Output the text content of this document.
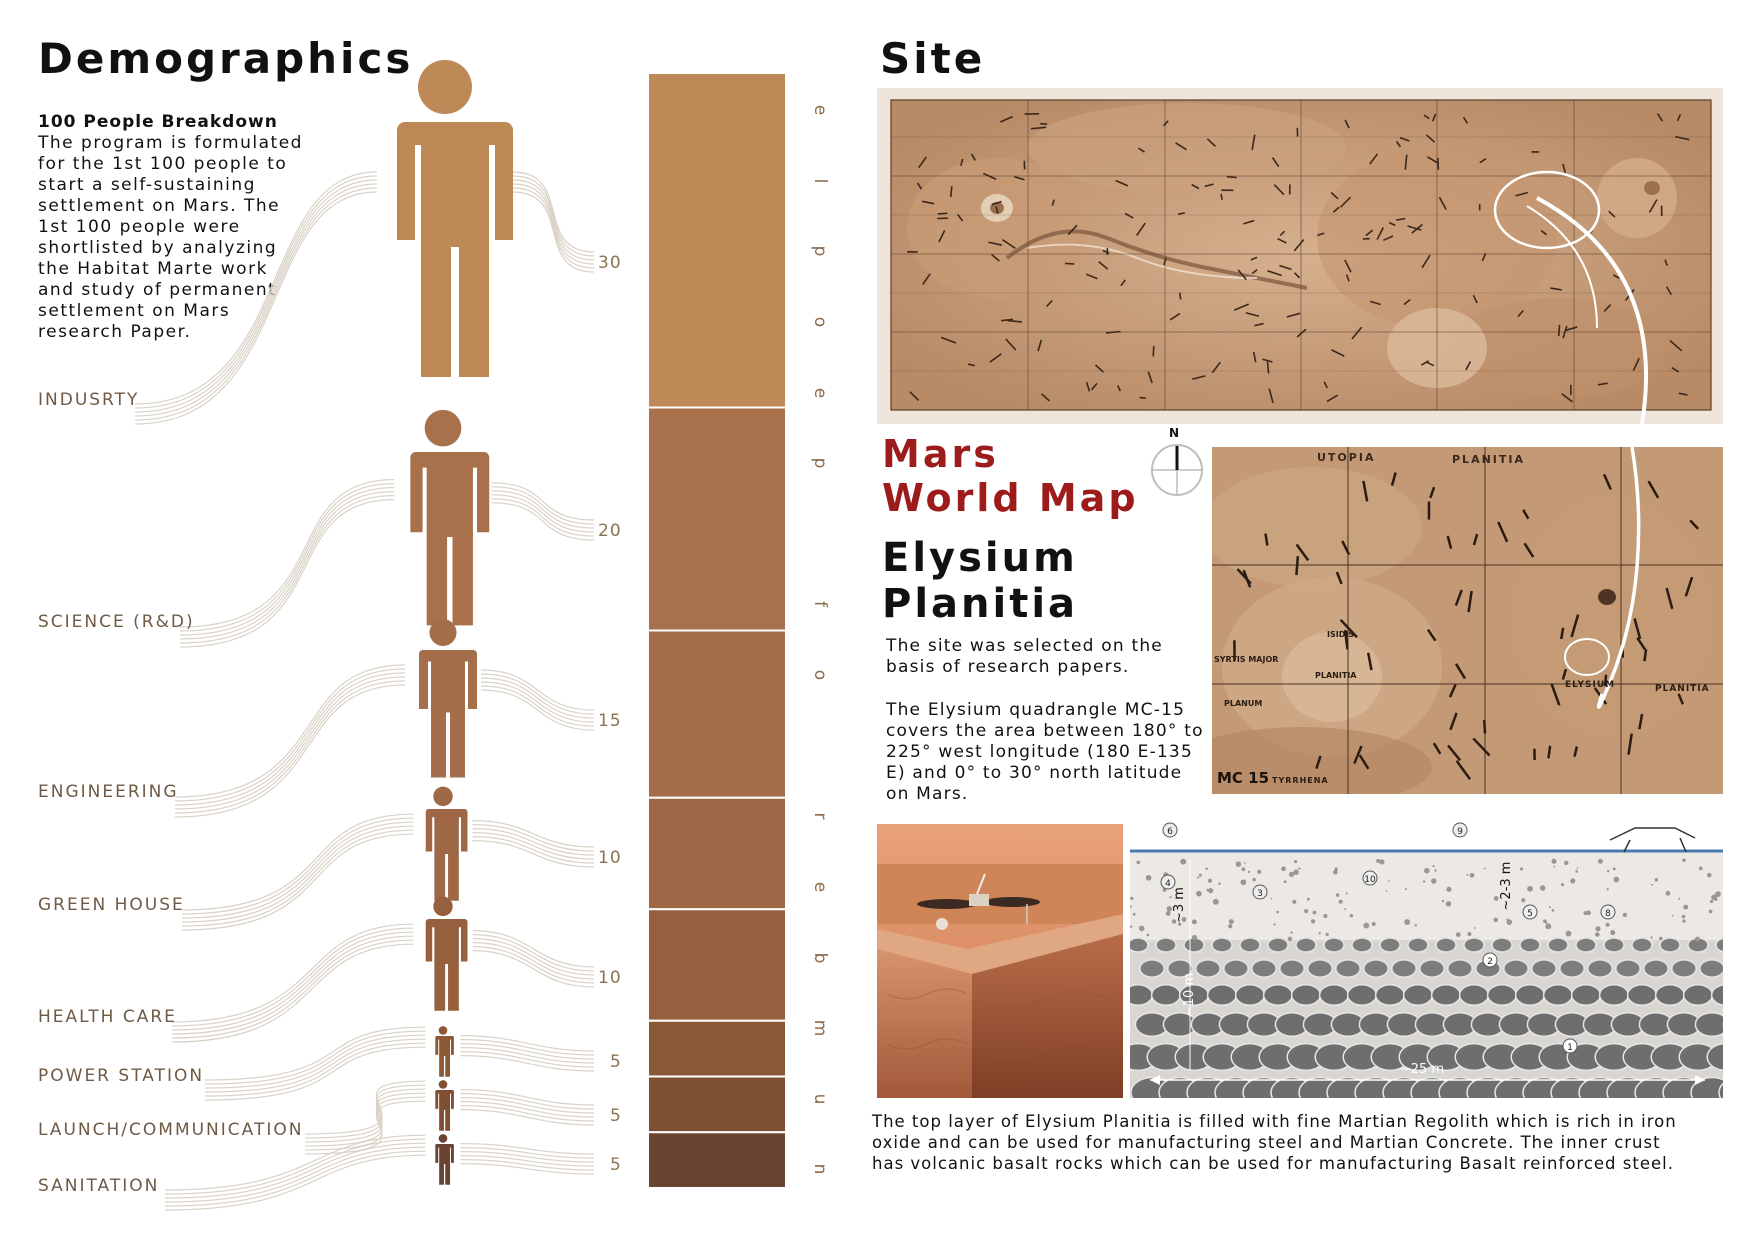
Demographics
100 People Breakdown
The program is formulated
for the 1st 100 people to
start a self-sustaining
settlement on Mars. The
1st 100 people were
shortlisted by analyzing
the Habitat Marte work
and study of permanent
settlement on Mars
research Paper.
INDUSRTY
SCIENCE (R&D)
ENGINEERING
GREEN HOUSE
HEALTH CARE
POWER STATION
LAUNCH/COMMUNICATION
SANITATION
30
20
15
10
10
5
5
5
e
l
p
o
e
p
f
o
r
e
b
m
u
n
Site
Mars
World Map
N
Elysium
Planitia
The site was selected on the
basis of research papers.
The Elysium quadrangle MC-15
covers the area between 180° to
225° west longitude (180 E-135
E) and 0° to 30° north latitude
on Mars.
UTOPIA	PLANITIA
ELYSIUM	PLANITIA
ISIDIS
PLANITIA
TYRRHENA
SYRTIS MAJOR
PLANUM
MC 15
~3 m	~2-3 m
~10 m
~25 m
1
2
3
4
5
6
8
9
10
The top layer of Elysium Planitia is filled with fine Martian Regolith which is rich in iron
oxide and can be used for manufacturing steel and Martian Concrete. The inner crust
has volcanic basalt rocks which can be used for manufacturing Basalt reinforced steel.
